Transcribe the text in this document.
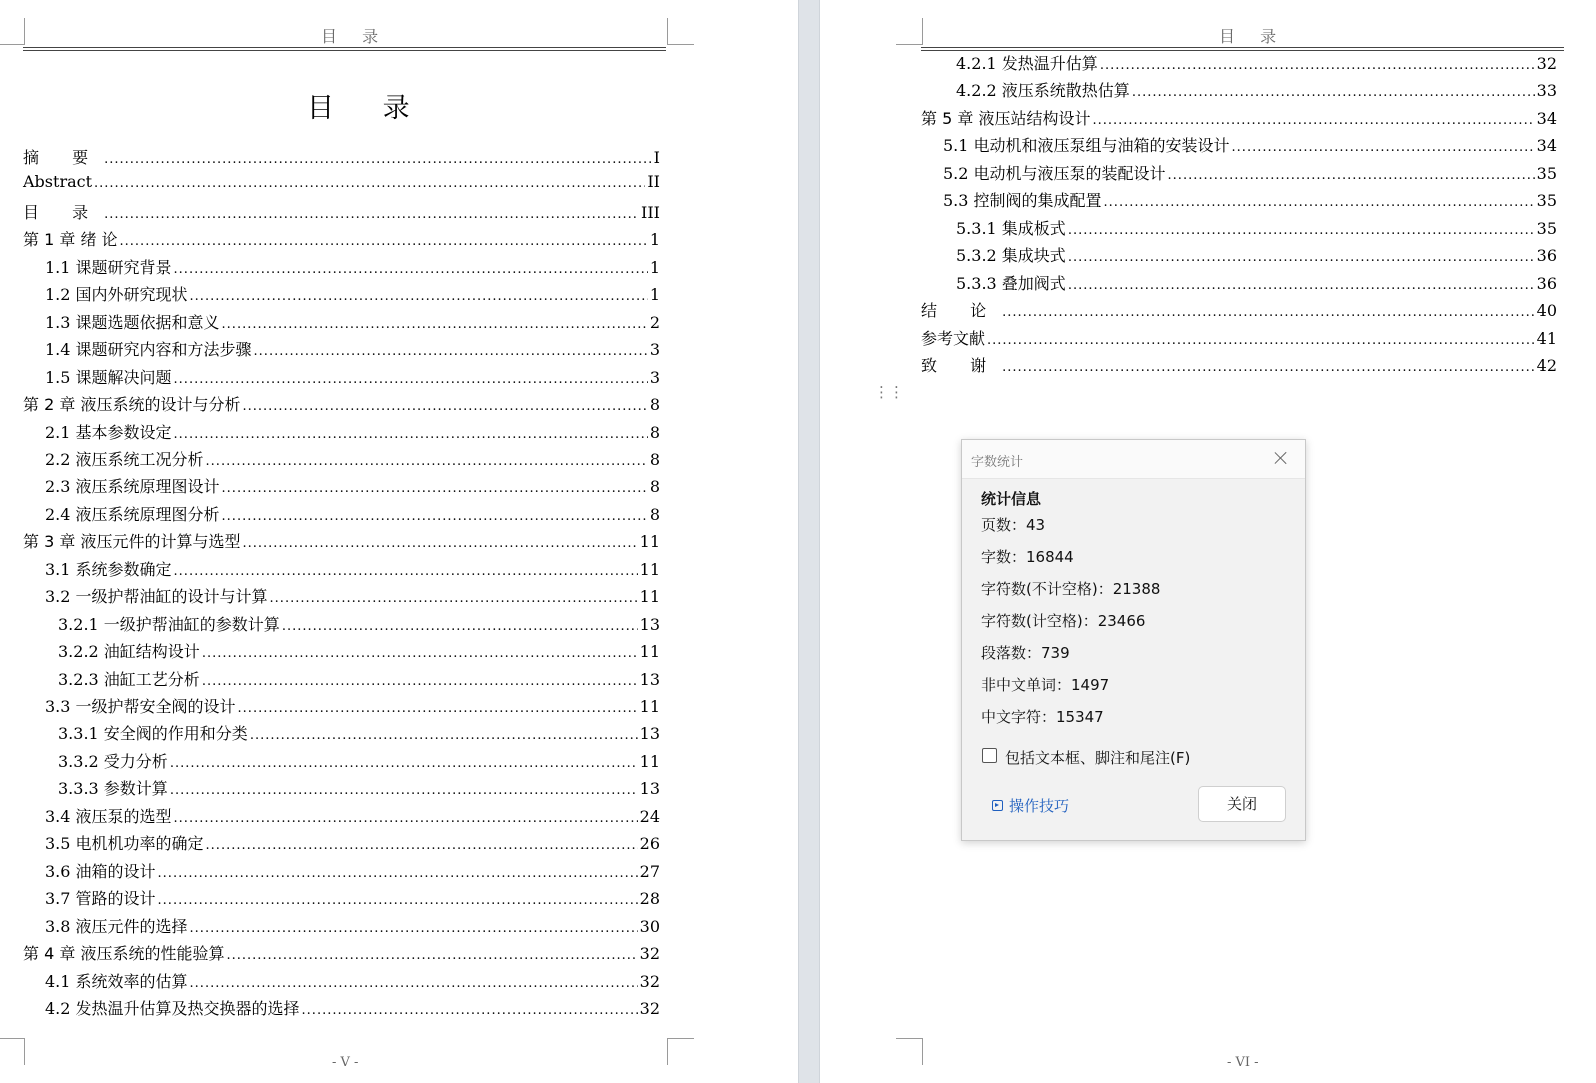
目 录
目 录
摘 要 .....	I
Abstract .....	II
目 录 .....	III
第 1 章 绪 论 .....	1
1.1 课题研究背景 .....	1
1.2 国内外研究现状 .....	1
1.3 课题选题依据和意义 .....	2
1.4 课题研究内容和方法步骤 .....	3
1.5 课题解决问题 .....	3
第 2 章 液压系统的设计与分析 .....	8
2.1 基本参数设定 .....	8
2.2 液压系统工况分析 .....	8
2.3 液压系统原理图设计 .....	8
2.4 液压系统原理图分析 .....	8
第 3 章 液压元件的计算与选型 .....	11
3.1 系统参数确定 .....	11
3.2 一级护帮油缸的设计与计算 .....	11
3.2.1 一级护帮油缸的参数计算 .....	13
3.2.2 油缸结构设计 .....	11
3.2.3 油缸工艺分析 .....	13
3.3 一级护帮安全阀的设计 .....	11
3.3.1 安全阀的作用和分类 .....	13
3.3.2 受力分析 .....	11
3.3.3 参数计算 .....	13
3.4 液压泵的选型 .....	24
3.5 电机机功率的确定 .....	26
3.6 油箱的设计 .....	27
3.7 管路的设计 .....	28
3.8 液压元件的选择 .....	30
第 4 章 液压系统的性能验算 .....	32
4.1 系统效率的估算 .....	32
4.2 发热温升估算及热交换器的选择 .....	32
- V -
目 录
4.2.1 发热温升估算 .....	32
4.2.2 液压系统散热估算 .....	33
第 5 章 液压站结构设计 .....	34
5.1 电动机和液压泵组与油箱的安装设计 .....	34
5.2 电动机与液压泵的装配设计 .....	35
5.3 控制阀的集成配置 .....	35
5.3.1 集成板式 .....	35
5.3.2 集成块式 .....	36
5.3.3 叠加阀式 .....	36
结 论 .....	40
参考文献 .....	41
致 谢 .....	42
- VI -
⋮⋮
字数统计
统计信息
页数：43
字数：16844
字符数(不计空格)：21388
字符数(计空格)：23466
段落数：739
非中文单词：1497
中文字符：15347
包括文本框、脚注和尾注(F)
操作技巧	关闭
